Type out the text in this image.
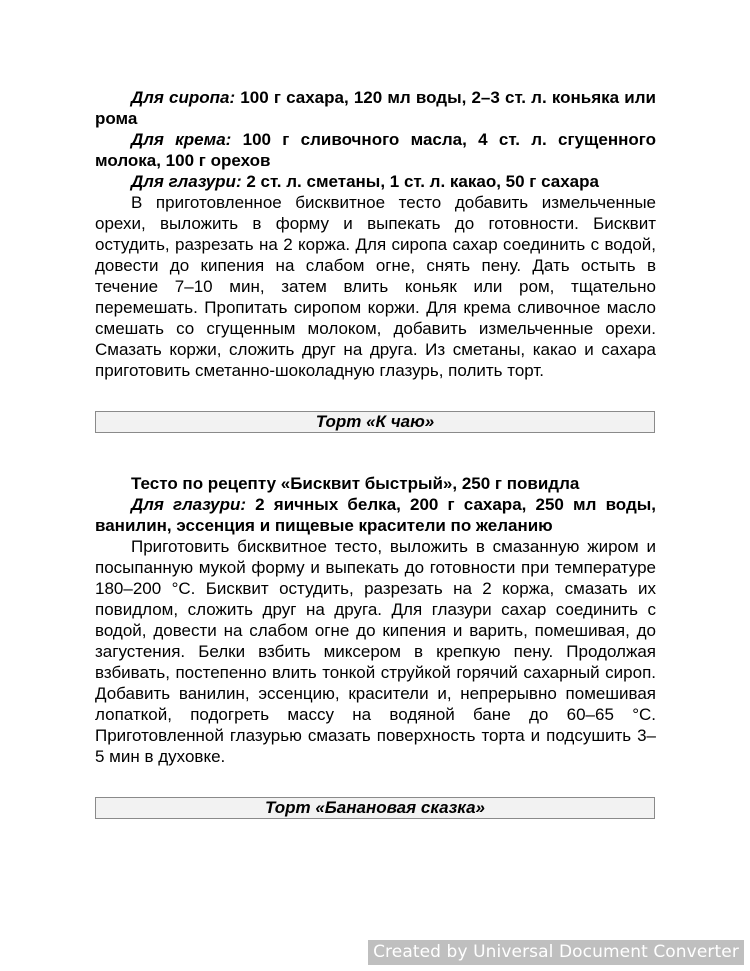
Для сиропа: 100 г сахара, 120 мл воды, 2–3 ст. л. коньяка или рома

Для крема: 100 г сливочного масла, 4 ст. л. сгущенного молока, 100 г орехов

Для глазури: 2 ст. л. сметаны, 1 ст. л. какао, 50 г сахара

В приготовленное бисквитное тесто добавить измельченные орехи, выложить в форму и выпекать до готовности. Бисквит остудить, разрезать на 2 коржа. Для сиропа сахар соединить с водой, довести до кипения на слабом огне, снять пену. Дать остыть в течение 7–10 мин, затем влить коньяк или ром, тщательно перемешать. Пропитать сиропом коржи. Для крема сливочное масло смешать со сгущенным молоком, добавить измельченные орехи. Смазать коржи, сложить друг на друга. Из сметаны, какао и сахара приготовить сметанно-шоколадную глазурь, полить торт.

Торт «К чаю»

Тесто по рецепту «Бисквит быстрый», 250 г повидла

Для глазури: 2 яичных белка, 200 г сахара, 250 мл воды, ванилин, эссенция и пищевые красители по желанию

Приготовить бисквитное тесто, выложить в смазанную жиром и посыпанную мукой форму и выпекать до готовности при температуре 180–200 °С. Бисквит остудить, разрезать на 2 коржа, смазать их повидлом, сложить друг на друга. Для глазури сахар соединить с водой, довести на слабом огне до кипения и варить, помешивая, до загустения. Белки взбить миксером в крепкую пену. Продолжая взбивать, постепенно влить тонкой струйкой горячий сахарный сироп. Добавить ванилин, эссенцию, красители и, непрерывно помешивая лопаткой, подогреть массу на водяной бане до 60–65 °С. Приготовленной глазурью смазать поверхность торта и подсушить 3–5 мин в духовке.

Торт «Банановая сказка»
Created by Universal Document Converter
